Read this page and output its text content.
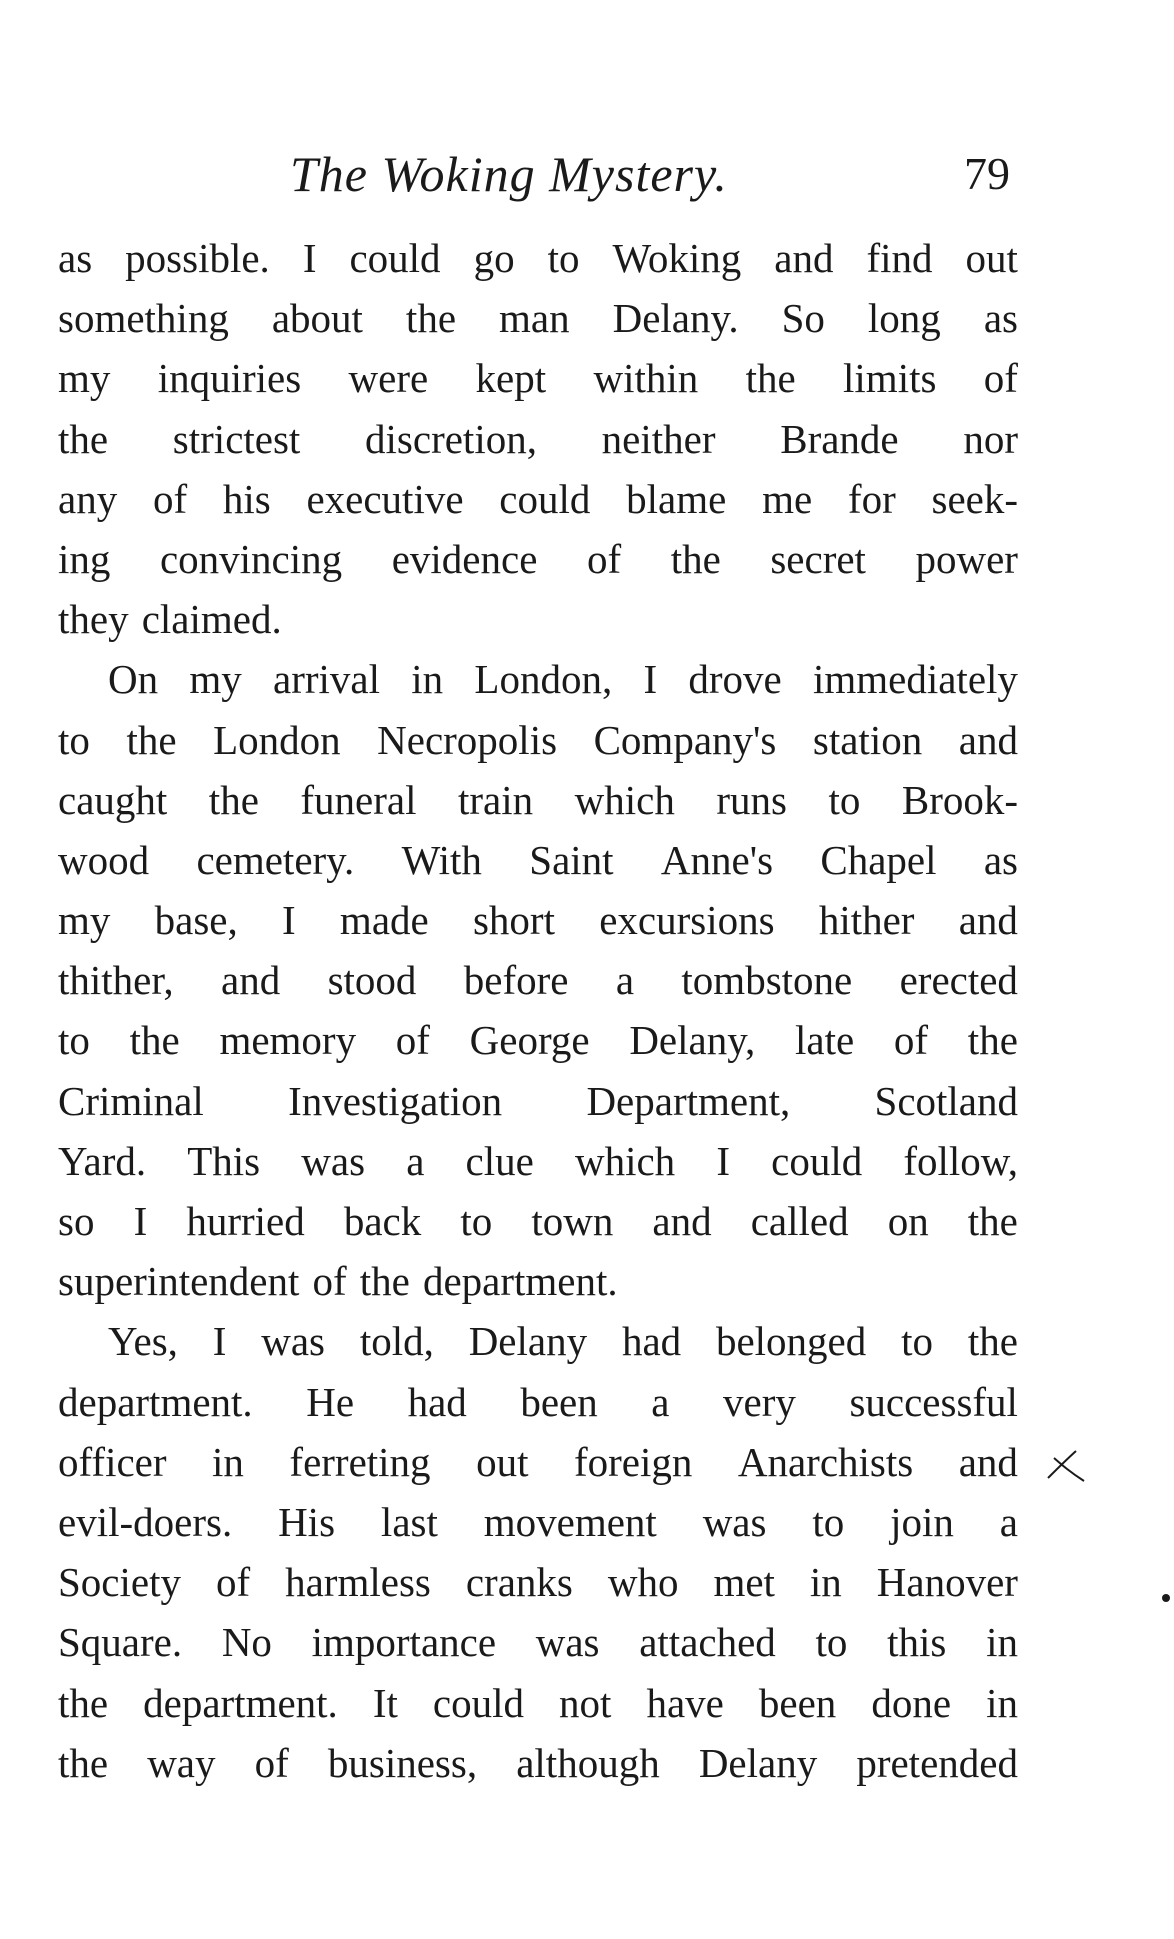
The Woking Mystery.	79
as possible. I could go to Woking and find out
something about the man Delany. So long as
my inquiries were kept within the limits of
the strictest discretion, neither Brande nor
any of his executive could blame me for seek-
ing convincing evidence of the secret power
they claimed.
On my arrival in London, I drove immediately
to the London Necropolis Company's station and
caught the funeral train which runs to Brook-
wood cemetery. With Saint Anne's Chapel as
my base, I made short excursions hither and
thither, and stood before a tombstone erected
to the memory of George Delany, late of the
Criminal Investigation Department, Scotland
Yard. This was a clue which I could follow,
so I hurried back to town and called on the
superintendent of the department.
Yes, I was told, Delany had belonged to the
department. He had been a very successful
officer in ferreting out foreign Anarchists and
evil-doers. His last movement was to join a
Society of harmless cranks who met in Hanover
Square. No importance was attached to this in
the department. It could not have been done in
the way of business, although Delany pretended
